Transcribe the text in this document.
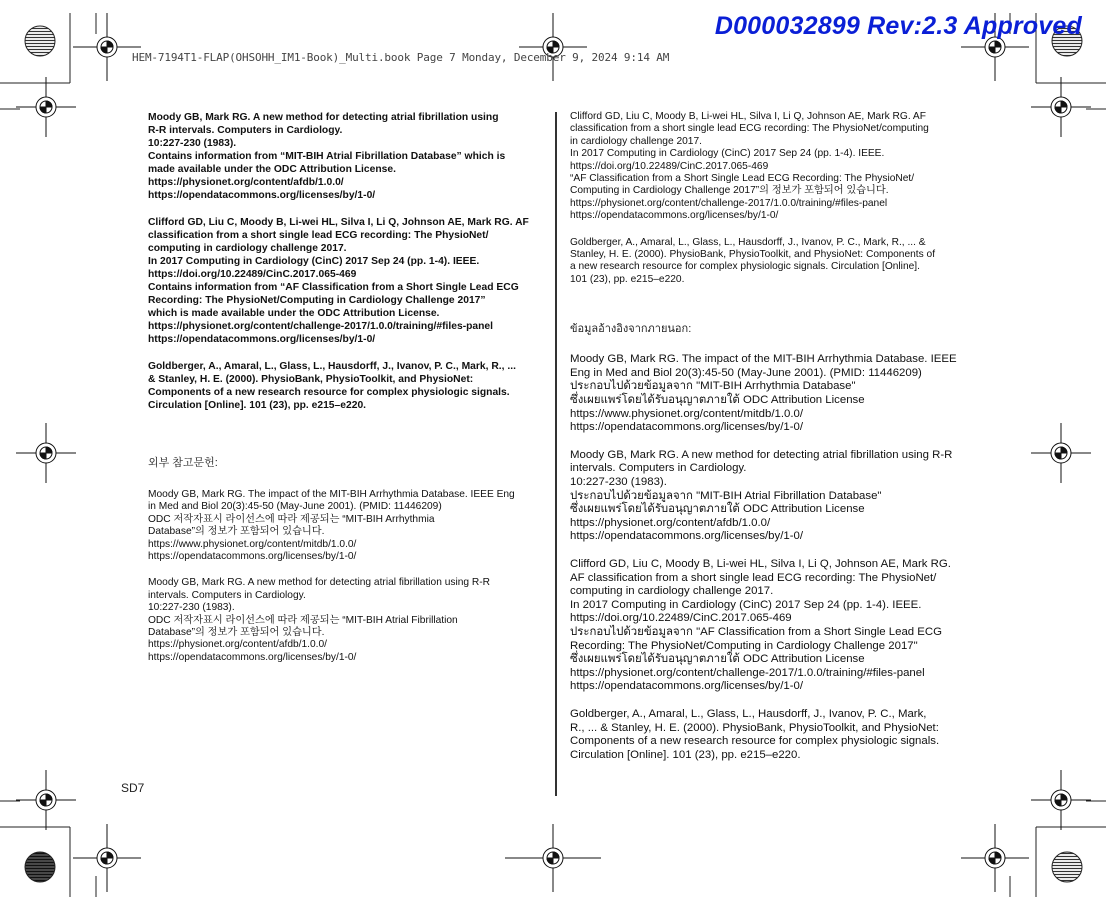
D000032899 Rev:2.3 Approved
HEM-7194T1-FLAP(OHSOHH_IM1-Book)_Multi.book Page 7 Monday, December 9, 2024 9:14 AM
Moody GB, Mark RG. A new method for detecting atrial fibrillation using
R-R intervals. Computers in Cardiology.
10:227-230 (1983).
Contains information from “MIT-BIH Atrial Fibrillation Database” which is
made available under the ODC Attribution License.
https://physionet.org/content/afdb/1.0.0/
https://opendatacommons.org/licenses/by/1-0/
Clifford GD, Liu C, Moody B, Li-wei HL, Silva I, Li Q, Johnson AE, Mark RG. AF
classification from a short single lead ECG recording: The PhysioNet/
computing in cardiology challenge 2017.
In 2017 Computing in Cardiology (CinC) 2017 Sep 24 (pp. 1-4). IEEE.
https://doi.org/10.22489/CinC.2017.065-469
Contains information from “AF Classification from a Short Single Lead ECG
Recording: The PhysioNet/Computing in Cardiology Challenge 2017”
which is made available under the ODC Attribution License.
https://physionet.org/content/challenge-2017/1.0.0/training/#files-panel
https://opendatacommons.org/licenses/by/1-0/
Goldberger, A., Amaral, L., Glass, L., Hausdorff, J., Ivanov, P. C., Mark, R., ...
& Stanley, H. E. (2000). PhysioBank, PhysioToolkit, and PhysioNet:
Components of a new research resource for complex physiologic signals.
Circulation [Online]. 101 (23), pp. e215–e220.
외부 참고문헌:
Moody GB, Mark RG. The impact of the MIT-BIH Arrhythmia Database. IEEE Eng
in Med and Biol 20(3):45-50 (May-June 2001). (PMID: 11446209)
ODC 저작자표시 라이선스에 따라 제공되는 “MIT-BIH Arrhythmia
Database”의 정보가 포함되어 있습니다.
https://www.physionet.org/content/mitdb/1.0.0/
https://opendatacommons.org/licenses/by/1-0/
Moody GB, Mark RG. A new method for detecting atrial fibrillation using R-R
intervals. Computers in Cardiology.
10:227-230 (1983).
ODC 저작자표시 라이선스에 따라 제공되는 “MIT-BIH Atrial Fibrillation
Database”의 정보가 포함되어 있습니다.
https://physionet.org/content/afdb/1.0.0/
https://opendatacommons.org/licenses/by/1-0/
Clifford GD, Liu C, Moody B, Li-wei HL, Silva I, Li Q, Johnson AE, Mark RG. AF
classification from a short single lead ECG recording: The PhysioNet/computing
in cardiology challenge 2017.
In 2017 Computing in Cardiology (CinC) 2017 Sep 24 (pp. 1-4). IEEE.
https://doi.org/10.22489/CinC.2017.065-469
“AF Classification from a Short Single Lead ECG Recording: The PhysioNet/
Computing in Cardiology Challenge 2017”의 정보가 포함되어 있습니다.
https://physionet.org/content/challenge-2017/1.0.0/training/#files-panel
https://opendatacommons.org/licenses/by/1-0/
Goldberger, A., Amaral, L., Glass, L., Hausdorff, J., Ivanov, P. C., Mark, R., ... &
Stanley, H. E. (2000). PhysioBank, PhysioToolkit, and PhysioNet: Components of
a new research resource for complex physiologic signals. Circulation [Online].
101 (23), pp. e215–e220.
ข้อมูลอ้างอิงจากภายนอก:
Moody GB, Mark RG. The impact of the MIT-BIH Arrhythmia Database. IEEE
Eng in Med and Biol 20(3):45-50 (May-June 2001). (PMID: 11446209)
ประกอบไปด้วยข้อมูลจาก "MIT-BIH Arrhythmia Database"
ซึ่งเผยแพร่โดยได้รับอนุญาตภายใต้ ODC Attribution License
https://www.physionet.org/content/mitdb/1.0.0/
https://opendatacommons.org/licenses/by/1-0/
Moody GB, Mark RG. A new method for detecting atrial fibrillation using R-R
intervals. Computers in Cardiology.
10:227-230 (1983).
ประกอบไปด้วยข้อมูลจาก "MIT-BIH Atrial Fibrillation Database"
ซึ่งเผยแพร่โดยได้รับอนุญาตภายใต้ ODC Attribution License
https://physionet.org/content/afdb/1.0.0/
https://opendatacommons.org/licenses/by/1-0/
Clifford GD, Liu C, Moody B, Li-wei HL, Silva I, Li Q, Johnson AE, Mark RG.
AF classification from a short single lead ECG recording: The PhysioNet/
computing in cardiology challenge 2017.
In 2017 Computing in Cardiology (CinC) 2017 Sep 24 (pp. 1-4). IEEE.
https://doi.org/10.22489/CinC.2017.065-469
ประกอบไปด้วยข้อมูลจาก "AF Classification from a Short Single Lead ECG
Recording: The PhysioNet/Computing in Cardiology Challenge 2017"
ซึ่งเผยแพร่โดยได้รับอนุญาตภายใต้ ODC Attribution License
https://physionet.org/content/challenge-2017/1.0.0/training/#files-panel
https://opendatacommons.org/licenses/by/1-0/
Goldberger, A., Amaral, L., Glass, L., Hausdorff, J., Ivanov, P. C., Mark,
R., ... & Stanley, H. E. (2000). PhysioBank, PhysioToolkit, and PhysioNet:
Components of a new research resource for complex physiologic signals.
Circulation [Online]. 101 (23), pp. e215–e220.
SD7
